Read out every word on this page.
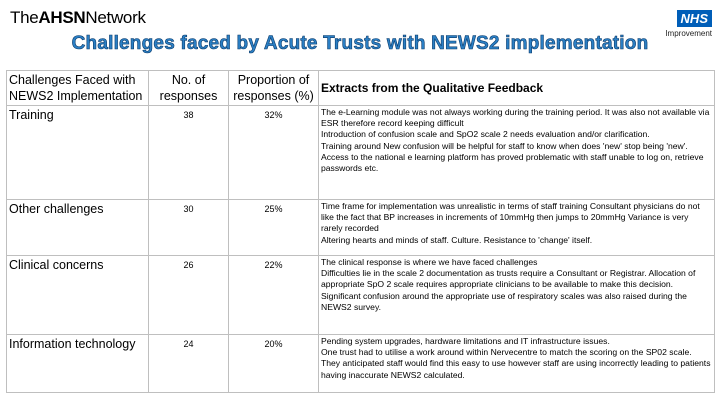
TheAHSNNetwork	NHS
Improvement
Challenges faced by Acute Trusts with NEWS2 implementation
Challenges Faced with NEWS2 Implementation	No. of responses	Proportion of responses (%)	Extracts from the Qualitative Feedback
Training	38	32%	The e-Learning module was not always working during the training period. It was also not available via ESR therefore record keeping difficult
Introduction of confusion scale and SpO2 scale 2 needs evaluation and/or clarification.
Training around New confusion will be helpful for staff to know when does 'new' stop being 'new'.
Access to the national e learning platform has proved problematic with staff unable to log on, retrieve passwords etc.

Other challenges	30	25%	Time frame for implementation was unrealistic in terms of staff training Consultant physicians do not like the fact that BP increases in increments of 10mmHg then jumps to 20mmHg Variance is very rarely recorded
Altering hearts and minds of staff. Culture. Resistance to 'change' itself.

Clinical concerns	26	22%	The clinical response is where we have faced challenges
Difficulties lie in the scale 2 documentation as trusts require a Consultant or Registrar. Allocation of appropriate SpO 2 scale requires appropriate clinicians to be available to make this decision.
Significant confusion around the appropriate use of respiratory scales was also raised during the NEWS2 survey.

Information technology	24	20%	Pending system upgrades, hardware limitations and IT infrastructure issues.
One trust had to utilise a work around within Nervecentre to match the scoring on the SP02 scale. They anticipated staff would find this easy to use however staff are using incorrectly leading to patients having inaccurate NEWS2 calculated.
